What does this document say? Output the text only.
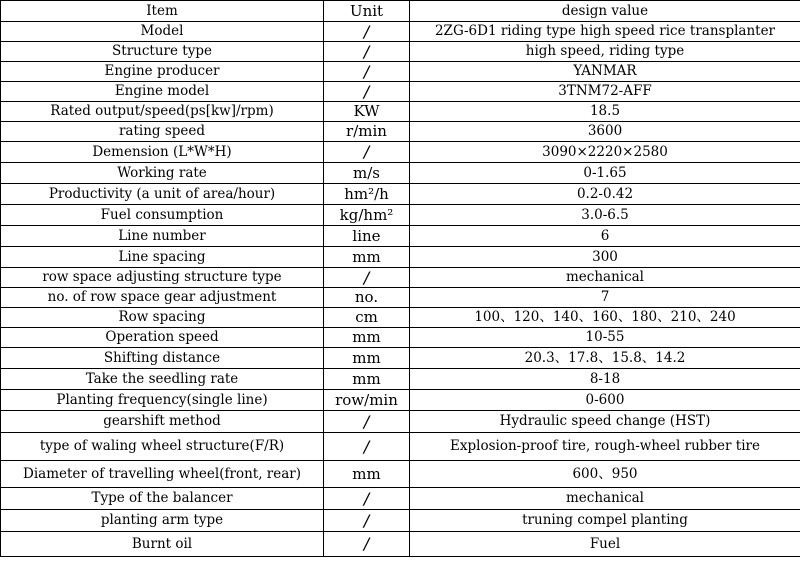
Item	Unit	design value
Model	/	2ZG-6D1 riding type high speed rice transplanter
Structure type	/	high speed, riding type
Engine producer	/	YANMAR
Engine model	/	3TNM72-AFF
Rated output/speed(ps[kw]/rpm)	KW	18.5
rating speed	r/min	3600
Demension (L*W*H)	/	3090×2220×2580
Working rate	m/s	0-1.65
Productivity (a unit of area/hour)	hm²/h	0.2-0.42
Fuel consumption	kg/hm²	3.0-6.5
Line number	line	6
Line spacing	mm	300
row space adjusting structure type	/	mechanical
no. of row space gear adjustment	no.	7
Row spacing	cm	100、120、140、160、180、210、240
Operation speed	mm	10-55
Shifting distance	mm	20.3、17.8、15.8、14.2
Take the seedling rate	mm	8-18
Planting frequency(single line)	row/min	0-600
gearshift method	/	Hydraulic speed change (HST)
type of waling wheel structure(F/R)	/	Explosion-proof tire, rough-wheel rubber tire
Diameter of travelling wheel(front, rear)	mm	600、950
Type of the balancer	/	mechanical
planting arm type	/	truning compel planting
Burnt oil	/	Fuel
